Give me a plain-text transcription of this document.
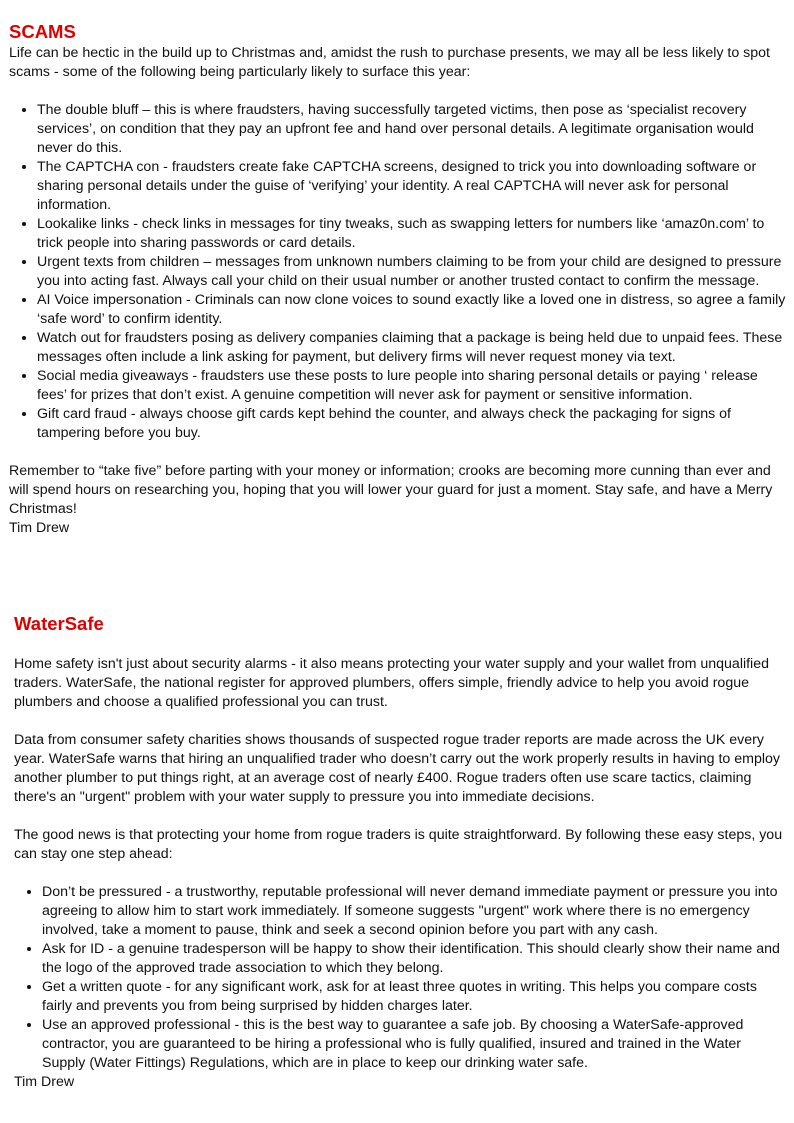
SCAMS

Life can be hectic in the build up to Christmas and, amidst the rush to purchase presents, we may all be less likely to spot scams - some of the following being particularly likely to surface this year:

• The double bluff – this is where fraudsters, having successfully targeted victims, then pose as ‘specialist recovery services’, on condition that they pay an upfront fee and hand over personal details. A legitimate organisation would never do this.
• The CAPTCHA con - fraudsters create fake CAPTCHA screens, designed to trick you into downloading software or sharing personal details under the guise of ‘verifying’ your identity. A real CAPTCHA will never ask for personal information.
• Lookalike links - check links in messages for tiny tweaks, such as swapping letters for numbers like ‘amaz0n.com’ to trick people into sharing passwords or card details.
• Urgent texts from children – messages from unknown numbers claiming to be from your child are designed to pressure you into acting fast. Always call your child on their usual number or another trusted contact to confirm the message.
• AI Voice impersonation - Criminals can now clone voices to sound exactly like a loved one in distress, so agree a family ‘safe word’ to confirm identity.
• Watch out for fraudsters posing as delivery companies claiming that a package is being held due to unpaid fees. These messages often include a link asking for payment, but delivery firms will never request money via text.
• Social media giveaways - fraudsters use these posts to lure people into sharing personal details or paying ‘ release fees’ for prizes that don’t exist. A genuine competition will never ask for payment or sensitive information.
• Gift card fraud - always choose gift cards kept behind the counter, and always check the packaging for signs of tampering before you buy.

Remember to “take five” before parting with your money or information; crooks are becoming more cunning than ever and will spend hours on researching you, hoping that you will lower your guard for just a moment. Stay safe, and have a Merry Christmas!

Tim Drew

WaterSafe

Home safety isn't just about security alarms - it also means protecting your water supply and your wallet from unqualified traders. WaterSafe, the national register for approved plumbers, offers simple, friendly advice to help you avoid rogue plumbers and choose a qualified professional you can trust.

Data from consumer safety charities shows thousands of suspected rogue trader reports are made across the UK every year. WaterSafe warns that hiring an unqualified trader who doesn’t carry out the work properly results in having to employ another plumber to put things right, at an average cost of nearly £400. Rogue traders often use scare tactics, claiming there's an "urgent" problem with your water supply to pressure you into immediate decisions.

The good news is that protecting your home from rogue traders is quite straightforward. By following these easy steps, you can stay one step ahead:

• Don’t be pressured - a trustworthy, reputable professional will never demand immediate payment or pressure you into agreeing to allow him to start work immediately. If someone suggests "urgent" work where there is no emergency involved, take a moment to pause, think and seek a second opinion before you part with any cash.
• Ask for ID - a genuine tradesperson will be happy to show their identification. This should clearly show their name and the logo of the approved trade association to which they belong.
• Get a written quote - for any significant work, ask for at least three quotes in writing. This helps you compare costs fairly and prevents you from being surprised by hidden charges later.
• Use an approved professional - this is the best way to guarantee a safe job. By choosing a WaterSafe-approved contractor, you are guaranteed to be hiring a professional who is fully qualified, insured and trained in the Water Supply (Water Fittings) Regulations, which are in place to keep our drinking water safe.

Tim Drew
